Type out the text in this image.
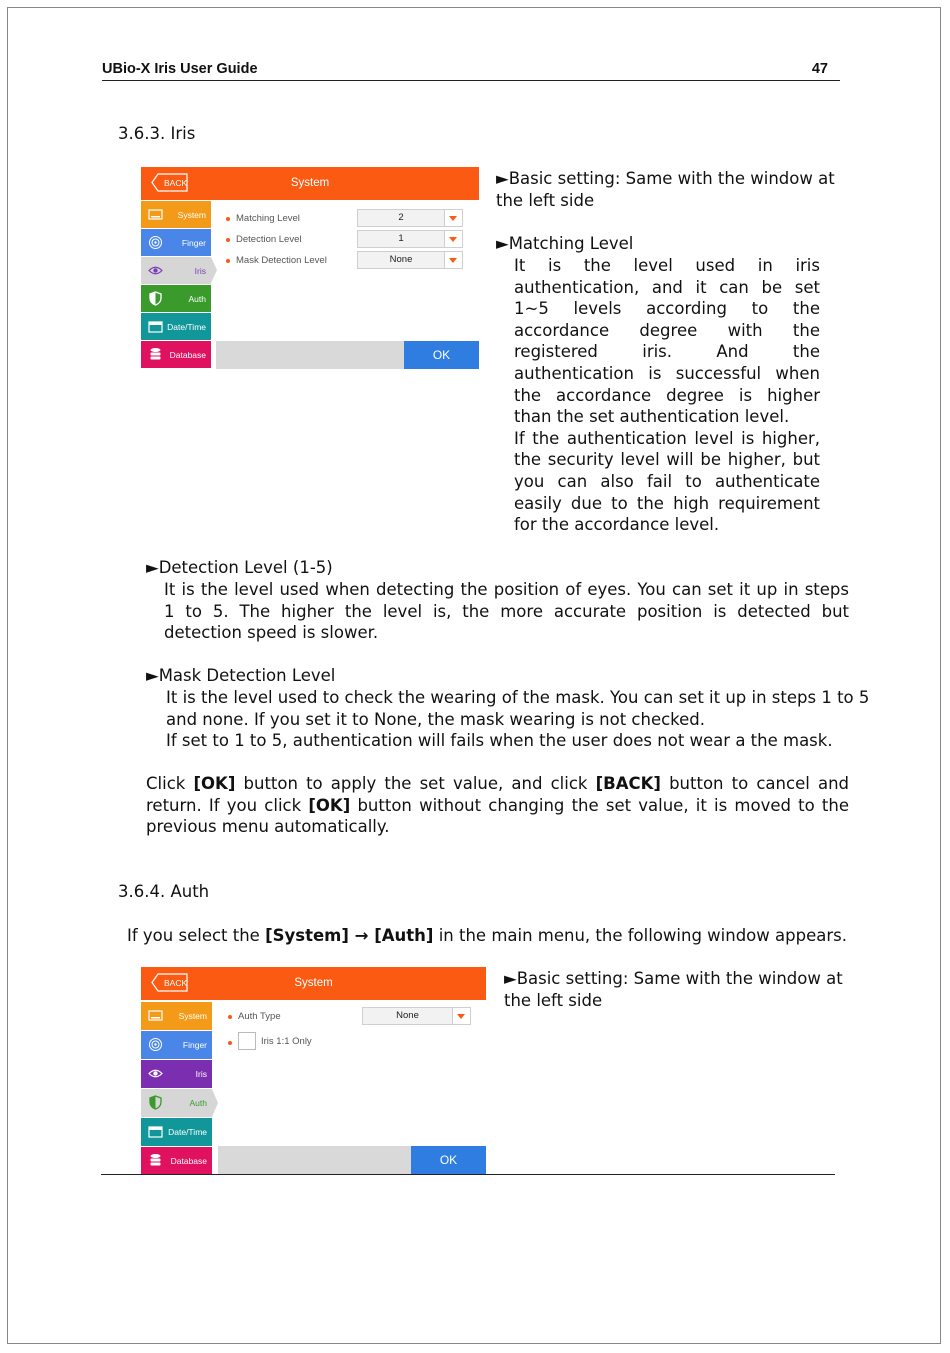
UBio-X Iris User Guide	47
3.6.3. Iris
BACK	System
System
Finger
Iris
Auth
Date/Time
Database
Matching Level	2
Detection Level	1
Mask Detection Level	None
OK
►Basic setting: Same with the window at
the left side
►Matching Level
It is the level used in iris authentication, and it can be set 1~5 levels according to the accordance degree with the registered iris. And the authentication is successful when the accordance degree is higher than the set authentication level.
If the authentication level is higher, the security level will be higher, but you can also fail to authenticate easily due to the high requirement for the accordance level.
►Detection Level (1-5)
It is the level used when detecting the position of eyes. You can set it up in steps 1 to 5. The higher the level is, the more accurate position is detected but detection speed is slower.
►Mask Detection Level
It is the level used to check the wearing of the mask. You can set it up in steps 1 to 5
and none. If you set it to None, the mask wearing is not checked.
If set to 1 to 5, authentication will fails when the user does not wear a the mask.
Click [OK] button to apply the set value, and click [BACK] button to cancel and return. If you click [OK] button without changing the set value, it is moved to the previous menu automatically.
3.6.4. Auth
If you select the [System] → [Auth] in the main menu, the following window appears.
BACK	System
System
Finger
Iris
Auth
Date/Time
Database
Auth Type	None
Iris 1:1 Only
OK
►Basic setting: Same with the window at
the left side
